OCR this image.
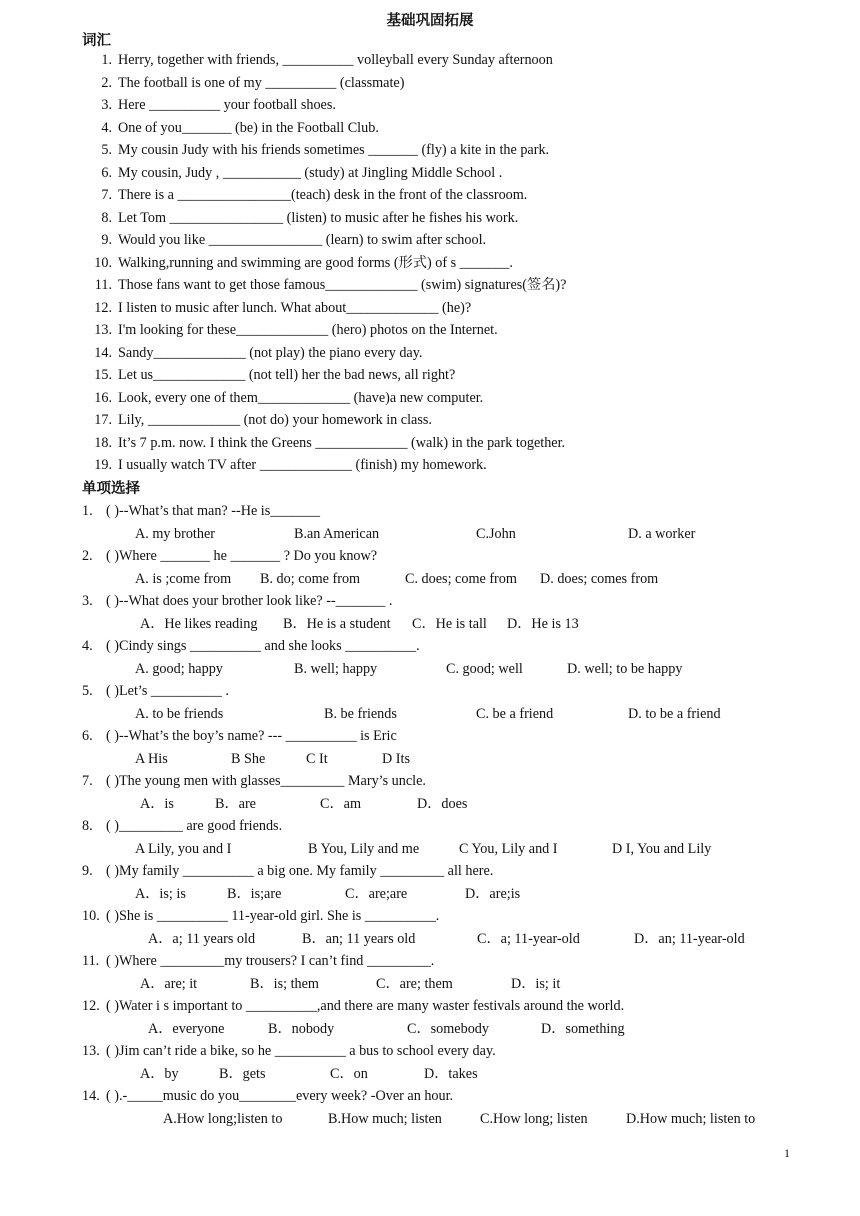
基础巩固拓展
词汇
1. Herry, together with friends, __________ volleyball every Sunday afternoon
2. The football is one of my __________ (classmate)
3. Here __________ your football shoes.
4. One of you_______ (be) in the Football Club.
5. My cousin Judy with his friends sometimes _______ (fly) a kite in the park.
6. My cousin, Judy , ___________ (study) at Jingling Middle School .
7. There is a ________________(teach) desk in the front of the classroom.
8. Let Tom ________________ (listen) to music after he fishes his work.
9. Would you like ________________ (learn) to swim after school.
10. Walking,running and swimming are good forms (形式) of s _______.
11. Those fans want to get those famous_____________ (swim) signatures(签名)?
12. I listen to music after lunch. What about_____________ (he)?
13. I'm looking for these_____________ (hero) photos on the Internet.
14. Sandy_____________ (not play) the piano every day.
15. Let us_____________ (not tell) her the bad news, all right?
16. Look, every one of them_____________ (have)a new computer.
17. Lily, _____________ (not do) your homework in class.
18. It’s 7 p.m. now. I think the Greens _____________ (walk) in the park together.
19. I usually watch TV after _____________ (finish) my homework.
单项选择
1. ( )--What’s that man? --He is_______
A. my brother	B.an American	C.John	D. a worker
2. ( )Where _______ he _______ ? Do you know?
A. is ;come from B. do; come from	C. does; come from D. does; comes from
3. ( )--What does your brother look like? --_______ .
A．He likes reading B．He is a student C．He is tall D．He is 13
4. ( )Cindy sings __________ and she looks __________.
A. good; happy	B. well; happy	C. good; well	D. well; to be happy
5. ( )Let’s __________ .
A. to be friends	B. be friends	C. be a friend	D. to be a friend
6. ( )--What’s the boy’s name? --- __________ is Eric
A His	B She	C It	D Its
7. ( )The young men with glasses_________ Mary’s uncle.
A．is	B．are	C．am	D．does
8. ( )_________ are good friends.
A Lily, you and I	B You, Lily and me	C You, Lily and I	D I, You and Lily
9. ( )My family __________ a big one. My family _________ all here.
A．is; is	B．is;are	C．are;are	D．are;is
10. ( )She is __________ 11-year-old girl. She is __________.
A．a; 11 years old	B．an; 11 years old	C．a; 11-year-old	D．an; 11-year-old
11. ( )Where _________my trousers? I can’t find _________.
A．are; it	B．is; them	C．are; them	D．is; it
12. ( )Water i s important to __________,and there are many waster festivals around the world.
A．everyone	B．nobody	C．somebody	D．something
13. ( )Jim can’t ride a bike, so he __________ a bus to school every day.
A．by	B．gets	C．on	D．takes
14. ( ).-_____music do you________every week? -Over an hour.
A.How long;listen to	B.How much; listen	C.How long; listen	D.How much; listen to
1
